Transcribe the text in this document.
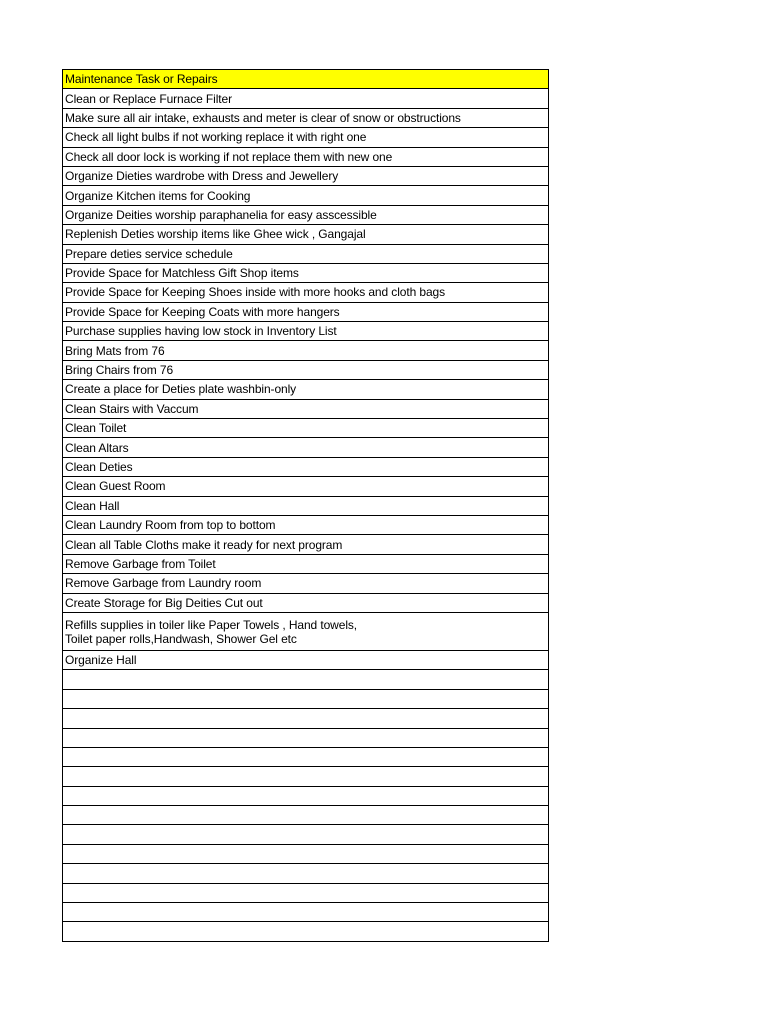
Maintenance Task or Repairs
Clean or Replace Furnace Filter
Make sure all air intake, exhausts and meter is clear of snow or obstructions
Check all light bulbs if not working replace it with right one
Check all door lock is working if not replace them with new one
Organize Dieties wardrobe with Dress and Jewellery
Organize Kitchen items for Cooking
Organize Deities worship paraphanelia for easy asscessible
Replenish Deties worship items like Ghee wick , Gangajal
Prepare deties service schedule
Provide Space for Matchless Gift Shop items
Provide Space for Keeping Shoes inside with more hooks and cloth bags
Provide Space for Keeping Coats with more hangers
Purchase supplies having low stock in Inventory List
Bring Mats from 76
Bring Chairs from 76
Create a place for Deties plate washbin-only
Clean Stairs with Vaccum
Clean Toilet
Clean Altars
Clean Deties
Clean Guest Room
Clean Hall
Clean Laundry Room from top to bottom
Clean all Table Cloths make it ready for next program
Remove Garbage from Toilet
Remove Garbage from Laundry room
Create Storage for Big Deities Cut out
Refills supplies in toiler like Paper Towels , Hand towels,
Toilet paper rolls,Handwash, Shower Gel etc
Organize Hall
